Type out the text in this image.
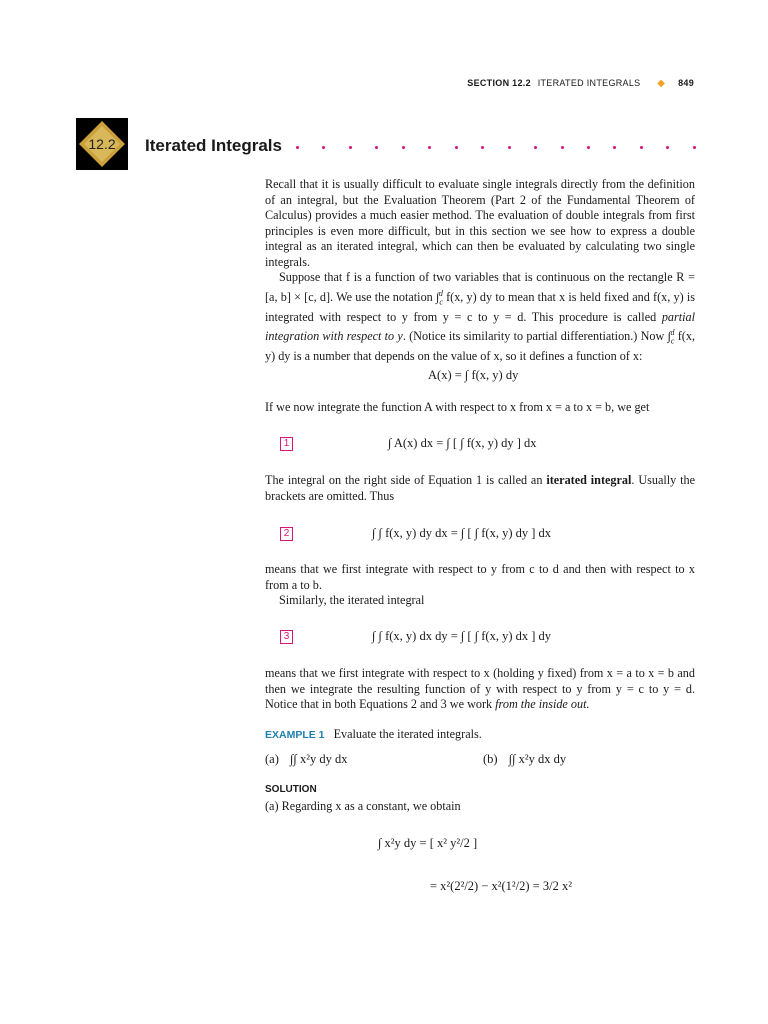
SECTION 12.2 ITERATED INTEGRALS ◆ 849
12.2 Iterated Integrals
Recall that it is usually difficult to evaluate single integrals directly from the definition of an integral, but the Evaluation Theorem (Part 2 of the Fundamental Theorem of Calculus) provides a much easier method. The evaluation of double integrals from first principles is even more difficult, but in this section we see how to express a double integral as an iterated integral, which can then be evaluated by calculating two single integrals.
Suppose that f is a function of two variables that is continuous on the rectangle R = [a, b] × [c, d]. We use the notation $\int_c^d$ f(x, y) dy to mean that x is held fixed and f(x, y) is integrated with respect to y from y = c to y = d. This procedure is called partial integration with respect to y. (Notice its similarity to partial differentiation.) Now $\int_c^d$ f(x, y) dy is a number that depends on the value of x, so it defines a function of x:
A(x) = ∫ f(x, y) dy
If we now integrate the function A with respect to x from x = a to x = b, we get
1	∫ A(x) dx = ∫ [ ∫ f(x, y) dy ] dx
The integral on the right side of Equation 1 is called an iterated integral. Usually the brackets are omitted. Thus
2	∫ ∫ f(x, y) dy dx = ∫ [ ∫ f(x, y) dy ] dx
means that we first integrate with respect to y from c to d and then with respect to x from a to b.
Similarly, the iterated integral
3	∫ ∫ f(x, y) dx dy = ∫ [ ∫ f(x, y) dx ] dy
means that we first integrate with respect to x (holding y fixed) from x = a to x = b and then we integrate the resulting function of y with respect to y from y = c to y = d. Notice that in both Equations 2 and 3 we work from the inside out.
EXAMPLE 1 Evaluate the iterated integrals.
(a) ∫∫ x²y dy dx	(b) ∫∫ x²y dx dy
SOLUTION
(a) Regarding x as a constant, we obtain
∫ x²y dy = [ x² y²/2 ]
= x²(2²/2) − x²(1²/2) = 3/2 x²
